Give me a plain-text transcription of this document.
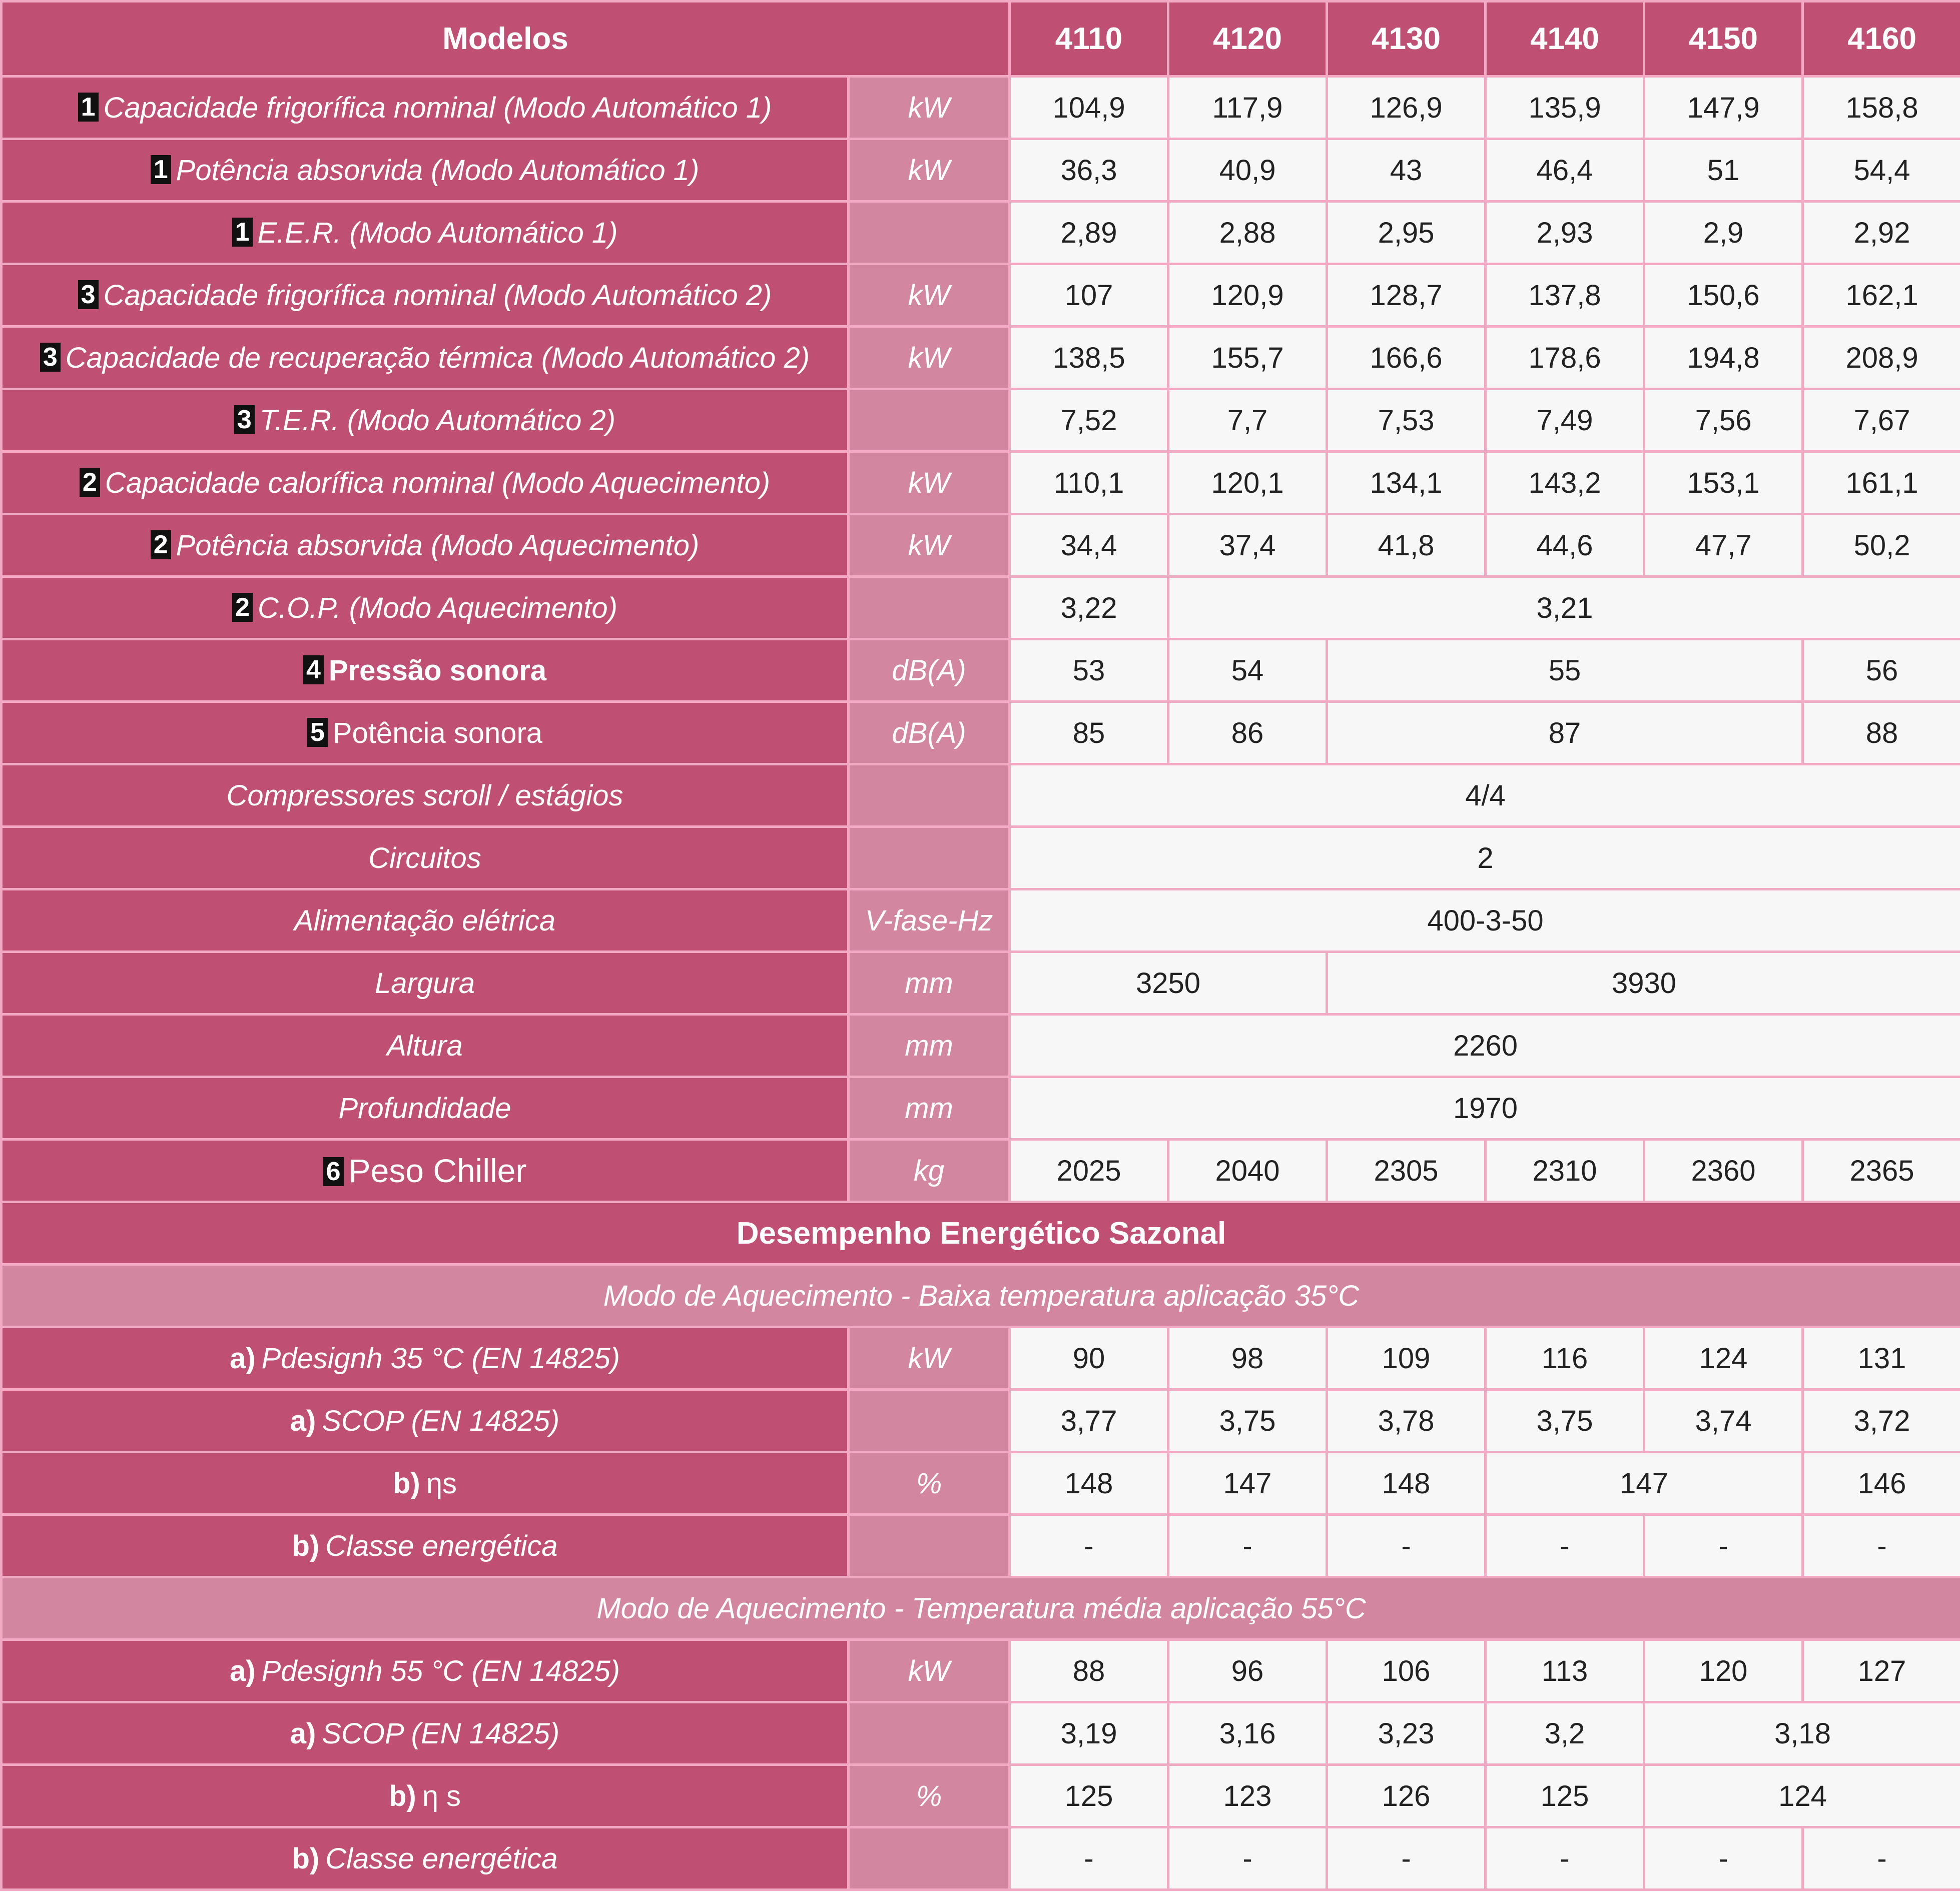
Modelos		4110	4120	4130	4140	4150	4160
1 Capacidade frigorífica nominal (Modo Automático 1)	kW	104,9	117,9	126,9	135,9	147,9	158,8
1 Potência absorvida (Modo Automático 1)	kW	36,3	40,9	43	46,4	51	54,4
1 E.E.R. (Modo Automático 1)		2,89	2,88	2,95	2,93	2,9	2,92
3 Capacidade frigorífica nominal (Modo Automático 2)	kW	107	120,9	128,7	137,8	150,6	162,1
3 Capacidade de recuperação térmica (Modo Automático 2)	kW	138,5	155,7	166,6	178,6	194,8	208,9
3 T.E.R. (Modo Automático 2)		7,52	7,7	7,53	7,49	7,56	7,67
2 Capacidade calorífica nominal (Modo Aquecimento)	kW	110,1	120,1	134,1	143,2	153,1	161,1
2 Potência absorvida (Modo Aquecimento)	kW	34,4	37,4	41,8	44,6	47,7	50,2
2 C.O.P. (Modo Aquecimento)		3,22	3,21				
4 Pressão sonora	dB(A)	53	54	55			56
5 Potência sonora	dB(A)	85	86	87			88
Compressores scroll / estágios		4/4					
Circuitos		2					
Alimentação elétrica	V-fase-Hz	400-3-50					
Largura	mm	3250		3930			
Altura	mm	2260					
Profundidade	mm	1970					
6 Peso Chiller	kg	2025	2040	2305	2310	2360	2365
Desempenho Energético Sazonal							
Modo de Aquecimento - Baixa temperatura aplicação 35°C							
a) Pdesignh 35 °C (EN 14825)	kW	90	98	109	116	124	131
a) SCOP (EN 14825)		3,77	3,75	3,78	3,75	3,74	3,72
b) ηs	%	148	147	148	147		146
b) Classe energética		-	-	-	-	-	-
Modo de Aquecimento - Temperatura média aplicação 55°C							
a) Pdesignh 55 °C (EN 14825)	kW	88	96	106	113	120	127
a) SCOP (EN 14825)		3,19	3,16	3,23	3,2	3,18	
b) η s	%	125	123	126	125	124	
b) Classe energética		-	-	-	-	-	-
